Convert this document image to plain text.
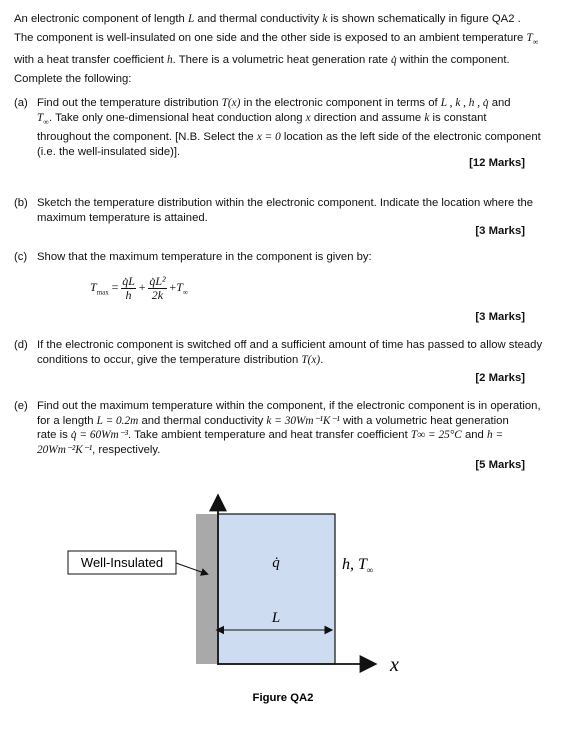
An electronic component of length L and thermal conductivity k is shown schematically in figure QA2 .
The component is well-insulated on one side and the other side is exposed to an ambient temperature $T_\infty$
with a heat transfer coefficient h. There is a volumetric heat generation rate q̇ within the component.
Complete the following:
(a) Find out the temperature distribution T(x) in the electronic component in terms of L , k , h , q̇ and
$T_\infty$. Take only one-dimensional heat conduction along x direction and assume k is constant
throughout the component. [N.B. Select the x = 0 location as the left side of the electronic component
(i.e. the well-insulated side)].
[12 Marks]
(b) Sketch the temperature distribution within the electronic component. Indicate the location where the
maximum temperature is attained.
[3 Marks]
(c) Show that the maximum temperature in the component is given by:
$T_{max} = \frac{q̇L}{h} + \frac{\text{q̇L²}}{2k} +T_\infty$
[3 Marks]
(d) If the electronic component is switched off and a sufficient amount of time has passed to allow steady
conditions to occur, give the temperature distribution T(x).
[2 Marks]
(e) Find out the maximum temperature within the component, if the electronic component is in operation,
for a length L = 0.2m and thermal conductivity k = 30Wm⁻¹K⁻¹ with a volumetric heat generation
rate is q̇ = 60Wm⁻³. Take ambient temperature and heat transfer coefficient T∞ = 25°C and h =
20Wm⁻²K⁻¹, respectively.
[5 Marks]
Well-Insulated	q̇
L
h, $T_\infty$
x
Figure QA2
